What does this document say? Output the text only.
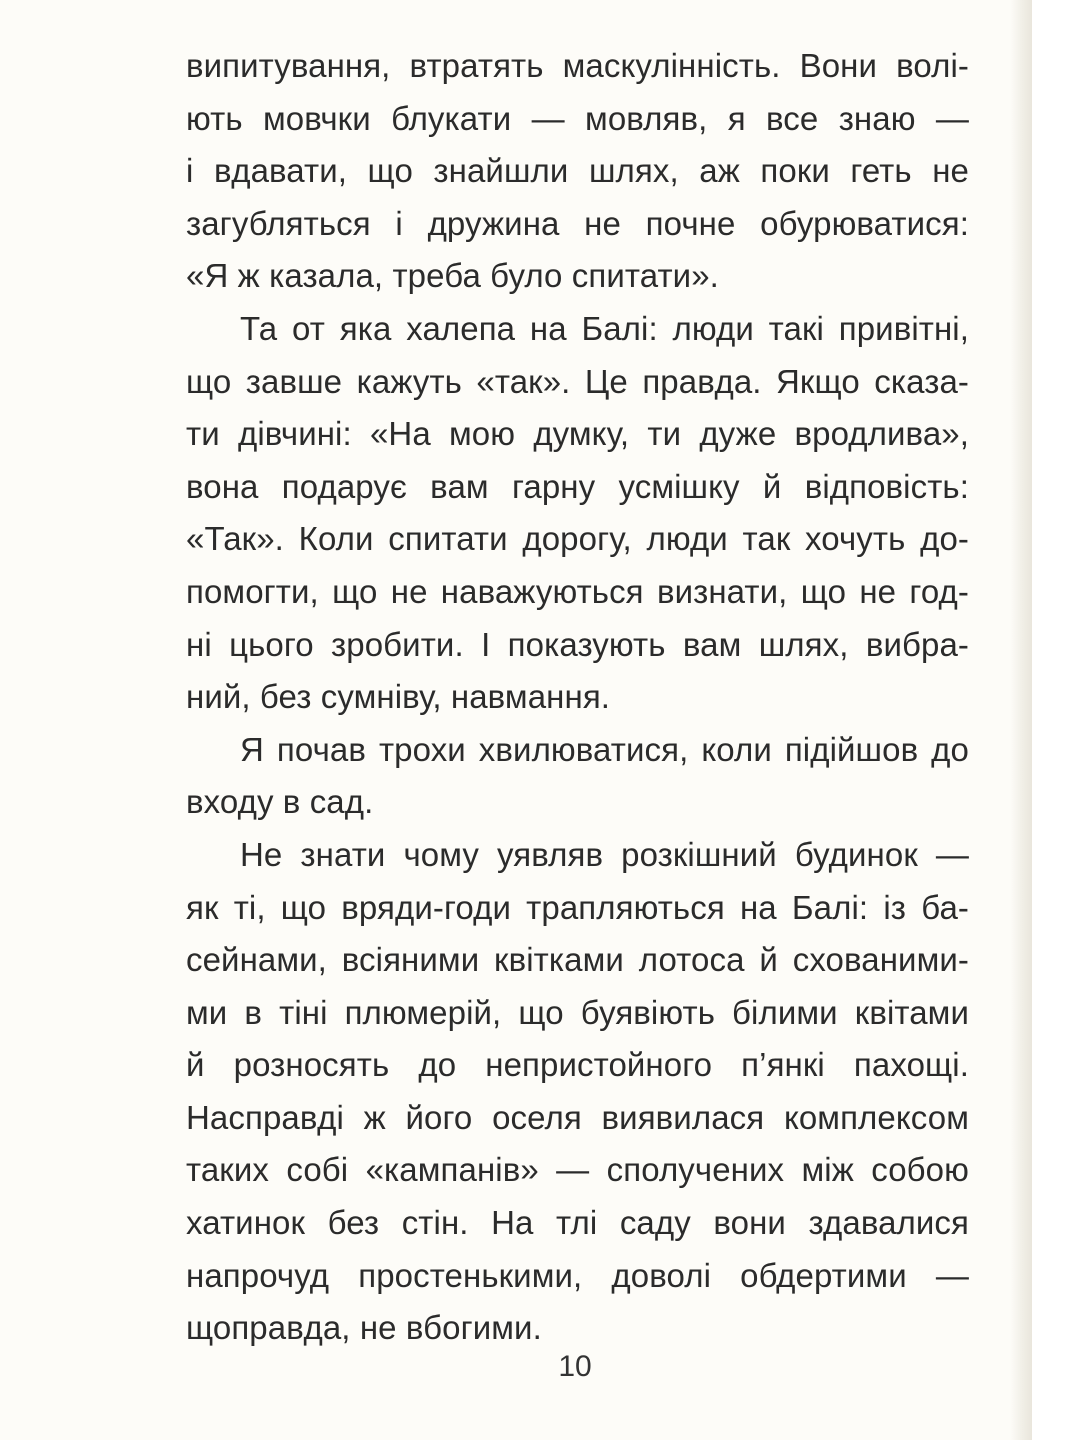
випитування, втратять маскулінність. Вони волі-
ють мовчки блукати — мовляв, я все знаю —
і вдавати, що знайшли шлях, аж поки геть не
загубляться і дружина не почне обурюватися:
«Я ж казала, треба було спитати».
Та от яка халепа на Балі: люди такі привітні,
що завше кажуть «так». Це правда. Якщо сказа-
ти дівчині: «На мою думку, ти дуже вродлива»,
вона подарує вам гарну усмішку й відповість:
«Так». Коли спитати дорогу, люди так хочуть до-
помогти, що не наважуються визнати, що не год-
ні цього зробити. І показують вам шлях, вибра-
ний, без сумніву, навмання.
Я почав трохи хвилюватися, коли підійшов до
входу в сад.
Не знати чому уявляв розкішний будинок —
як ті, що вряди-годи трапляються на Балі: із ба-
сейнами, всіяними квітками лотоса й схованими-
ми в тіні плюмерій, що буявіють білими квітами
й розносять до непристойного п’янкі пахощі.
Насправді ж його оселя виявилася комплексом
таких собі «кампанів» — сполучених між собою
хатинок без стін. На тлі саду вони здавалися
напрочуд простенькими, доволі обдертими —
щоправда, не вбогими.
10
